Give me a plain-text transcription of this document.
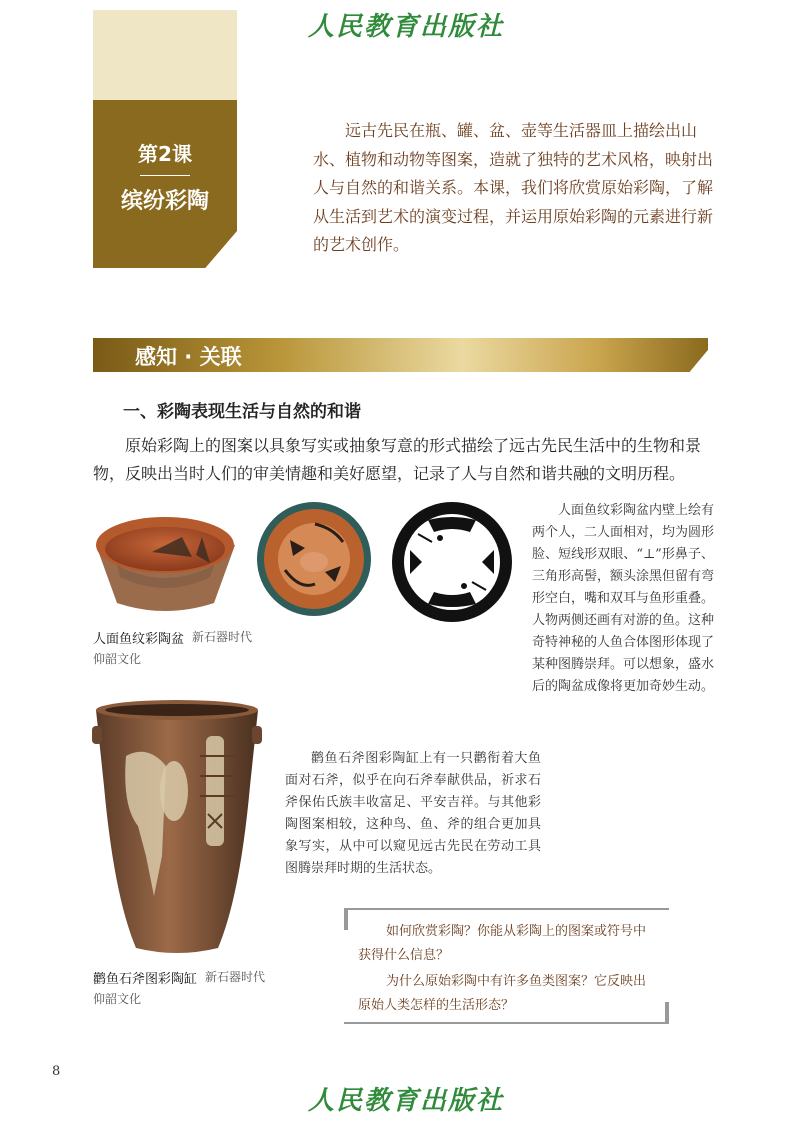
人民教育出版社
第2课
缤纷彩陶
远古先民在瓶、罐、盆、壶等生活器皿上描绘出山水、植物和动物等图案，造就了独特的艺术风格，映射出人与自然的和谐关系。本课，我们将欣赏原始彩陶，了解从生活到艺术的演变过程，并运用原始彩陶的元素进行新的艺术创作。
感知 · 关联
一、彩陶表现生活与自然的和谐
原始彩陶上的图案以具象写实或抽象写意的形式描绘了远古先民生活中的生物和景物，反映出当时人们的审美情趣和美好愿望，记录了人与自然和谐共融的文明历程。
人面鱼纹彩陶盆 新石器时代
仰韶文化
人面鱼纹彩陶盆内壁上绘有两个人，二人面相对，均为圆形脸、短线形双眼、“⊥”形鼻子、三角形高髻，额头涂黑但留有弯形空白，嘴和双耳与鱼形重叠。人物两侧还画有对游的鱼。这种奇特神秘的人鱼合体图形体现了某种图腾崇拜。可以想象，盛水后的陶盆成像将更加奇妙生动。
鹳鱼石斧图彩陶缸上有一只鹳衔着大鱼面对石斧，似乎在向石斧奉献供品，祈求石斧保佑氏族丰收富足、平安吉祥。与其他彩陶图案相较，这种鸟、鱼、斧的组合更加具象写实，从中可以窥见远古先民在劳动工具图腾崇拜时期的生活状态。
如何欣赏彩陶？你能从彩陶上的图案或符号中获得什么信息？
为什么原始彩陶中有许多鱼类图案？它反映出原始人类怎样的生活形态？
鹳鱼石斧图彩陶缸 新石器时代
仰韶文化
8
人民教育出版社
